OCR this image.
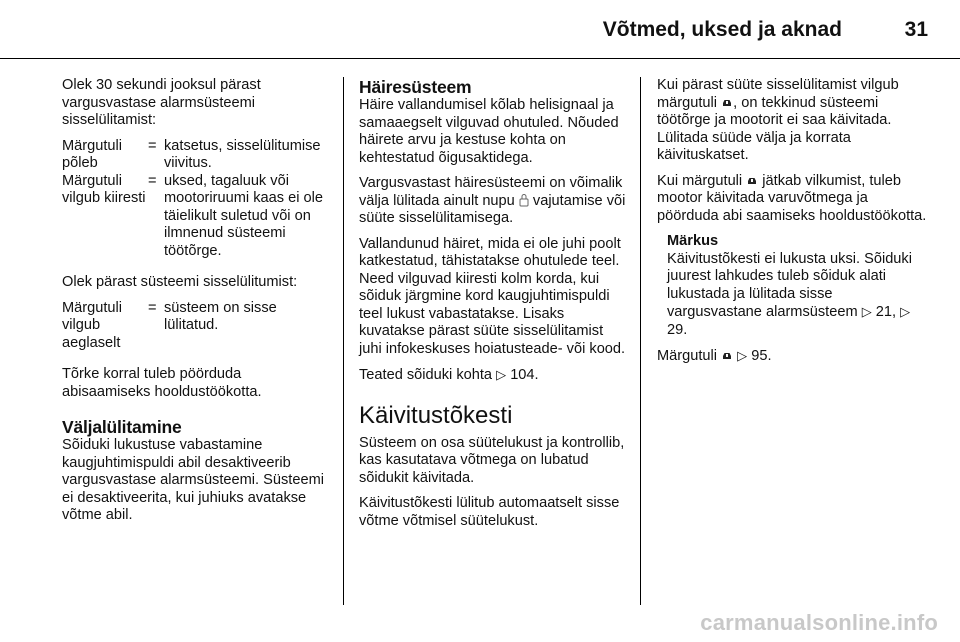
Võtmed, uksed ja aknad	31

Olek 30 sekundi jooksul pärast vargusvastase alarmsüsteemi sisselülitamist:

Märgutuli põleb
= katsetus, sisselülitumise viivitus.
Märgutuli vilgub kiiresti
= uksed, tagaluuk või mootoriruumi kaas ei ole täielikult suletud või on ilmnenud süsteemi töötõrge.

Olek pärast süsteemi sisselülitumist:

Märgutuli vilgub aeglaselt
= süsteem on sisse lülitatud.

Tõrke korral tuleb pöörduda abisaamiseks hooldustöökotta.

Väljalülitamine

Sõiduki lukustuse vabastamine kaugjuhtimispuldi abil desaktiveerib vargusvastase alarmsüsteemi. Süsteemi ei desaktiveerita, kui juhiuks avatakse võtme abil.

Häiresüsteem

Häire vallandumisel kõlab helisignaal ja samaaegselt vilguvad ohutuled. Nõuded häirete arvu ja kestuse kohta on kehtestatud õigusaktidega.

Vargusvastast häiresüsteemi on võimalik välja lülitada ainult nupu vajutamise või süüte sisselülitamisega.

Vallandunud häiret, mida ei ole juhi poolt katkestatud, tähistatakse ohutulede teel. Need vilguvad kiiresti kolm korda, kui sõiduk järgmine kord kaugjuhtimispuldi teel lukust vabastatakse. Lisaks kuvatakse pärast süüte sisselülitamist juhi infokeskuses hoiatusteade- või kood.

Teated sõiduki kohta ▷ 104.

Käivitustõkesti

Süsteem on osa süütelukust ja kontrollib, kas kasutatava võtmega on lubatud sõidukit käivitada.

Käivitustõkesti lülitub automaatselt sisse võtme võtmisel süütelukust.

Kui pärast süüte sisselülitamist vilgub märgutuli , on tekkinud süsteemi töötõrge ja mootorit ei saa käivitada. Lülitada süüde välja ja korrata käivituskatset.

Kui märgutuli jätkab vilkumist, tuleb mootor käivitada varuvõtmega ja pöörduda abi saamiseks hooldustöökotta.

Märkus
Käivitustõkesti ei lukusta uksi. Sõiduki juurest lahkudes tuleb sõiduk alati lukustada ja lülitada sisse vargusvastane alarmsüsteem ▷ 21, ▷ 29.

Märgutuli ▷ 95.

carmanualsonline.info
